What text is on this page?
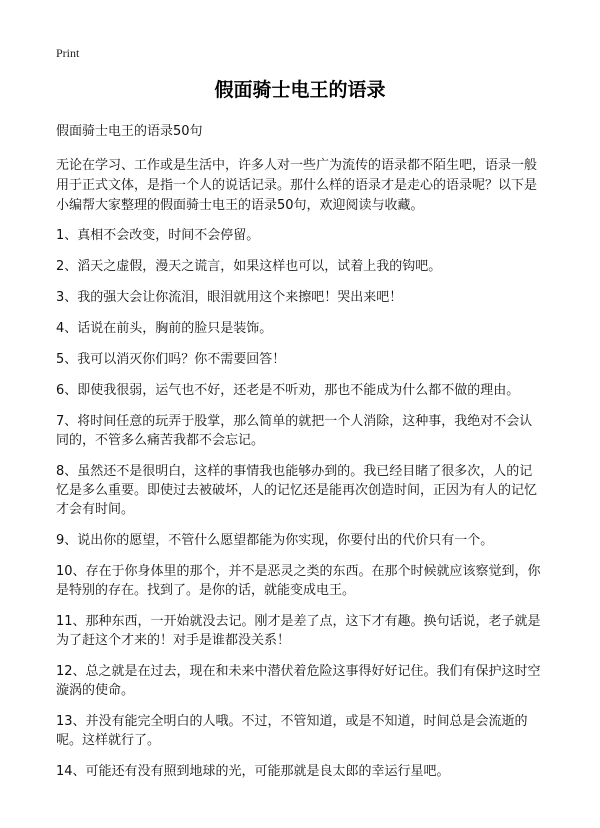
Print
假面骑士电王的语录

假面骑士电王的语录50句

无论在学习、工作或是生活中，许多人对一些广为流传的语录都不陌生吧，语录一般用于正式文体，是指一个人的说话记录。那什么样的语录才是走心的语录呢？以下是小编帮大家整理的假面骑士电王的语录50句，欢迎阅读与收藏。

1、真相不会改变，时间不会停留。
2、滔天之虚假，漫天之谎言，如果这样也可以，试着上我的钩吧。
3、我的强大会让你流泪，眼泪就用这个来擦吧！哭出来吧！
4、话说在前头，胸前的脸只是装饰。
5、我可以消灭你们吗？你不需要回答！
6、即使我很弱，运气也不好，还老是不听劝，那也不能成为什么都不做的理由。
7、将时间任意的玩弄于股掌，那么简单的就把一个人消除，这种事，我绝对不会认同的，不管多么痛苦我都不会忘记。
8、虽然还不是很明白，这样的事情我也能够办到的。我已经目睹了很多次，人的记忆是多么重要。即使过去被破坏，人的记忆还是能再次创造时间，正因为有人的记忆才会有时间。
9、说出你的愿望，不管什么愿望都能为你实现，你要付出的代价只有一个。
10、存在于你身体里的那个，并不是恶灵之类的东西。在那个时候就应该察觉到，你是特别的存在。找到了。是你的话，就能变成电王。
11、那种东西，一开始就没去记。刚才是差了点，这下才有趣。换句话说，老子就是为了赶这个才来的！对手是谁都没关系！
12、总之就是在过去，现在和未来中潜伏着危险这事得好好记住。我们有保护这时空漩涡的使命。
13、并没有能完全明白的人哦。不过，不管知道，或是不知道，时间总是会流逝的呢。这样就行了。
14、可能还有没有照到地球的光，可能那就是良太郎的幸运行星吧。
